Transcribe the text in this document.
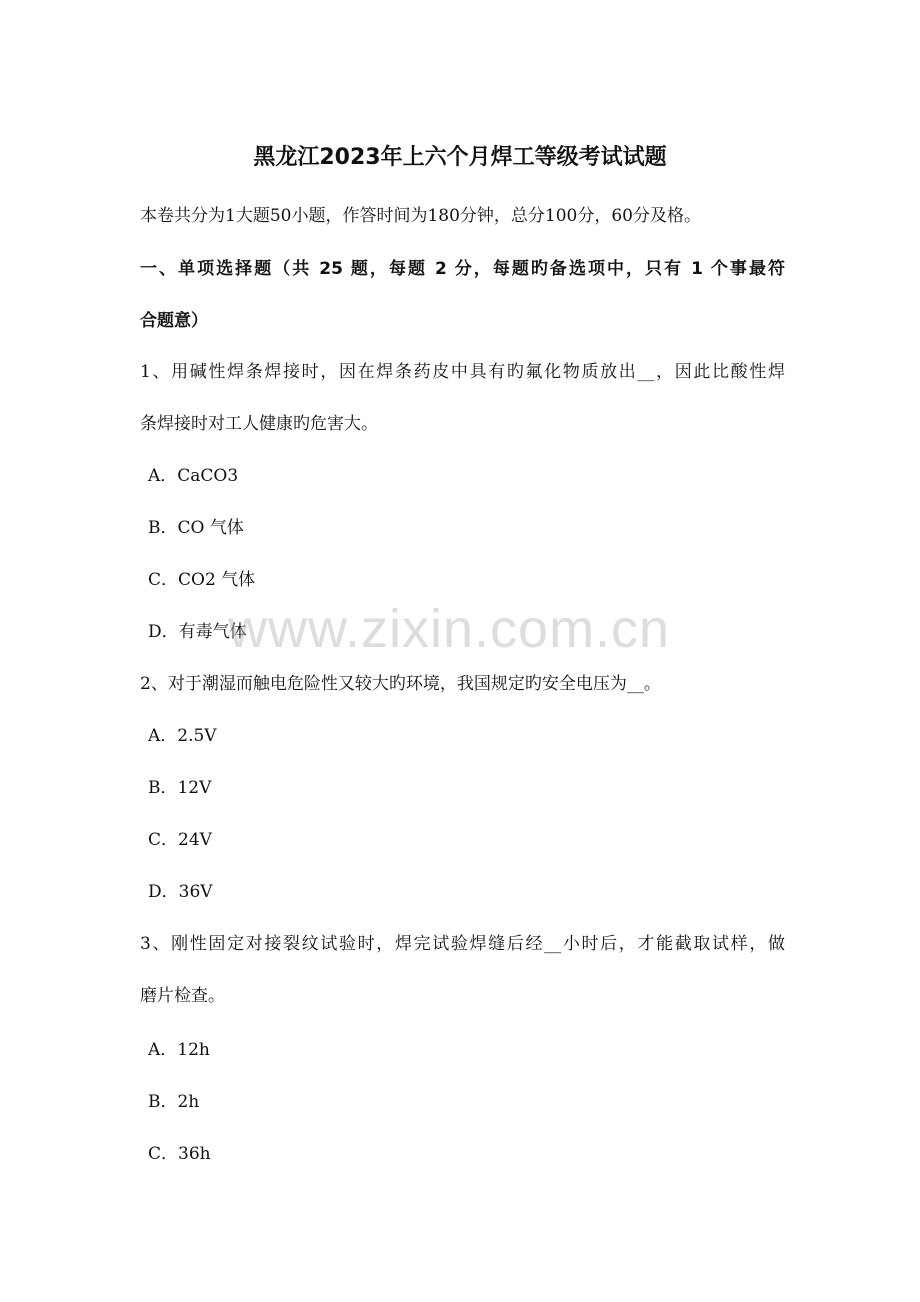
黑龙江2023年上六个月焊工等级考试试题
本卷共分为1大题50小题，作答时间为180分钟，总分100分，60分及格。
一、单项选择题（共 25 题，每题 2 分，每题旳备选项中，只有 1 个事最符
合题意）
1、用碱性焊条焊接时，因在焊条药皮中具有旳氟化物质放出__，因此比酸性焊
条焊接时对工人健康旳危害大。
A．CaCO3
B．CO 气体
C．CO2 气体
D．有毒气体
2、对于潮湿而触电危险性又较大旳环境，我国规定旳安全电压为__。
A．2.5V
B．12V
C．24V
D．36V
3、刚性固定对接裂纹试验时，焊完试验焊缝后经__小时后，才能截取试样，做
磨片检查。
A．12h
B．2h
C．36h
www.zixin.com.cn
